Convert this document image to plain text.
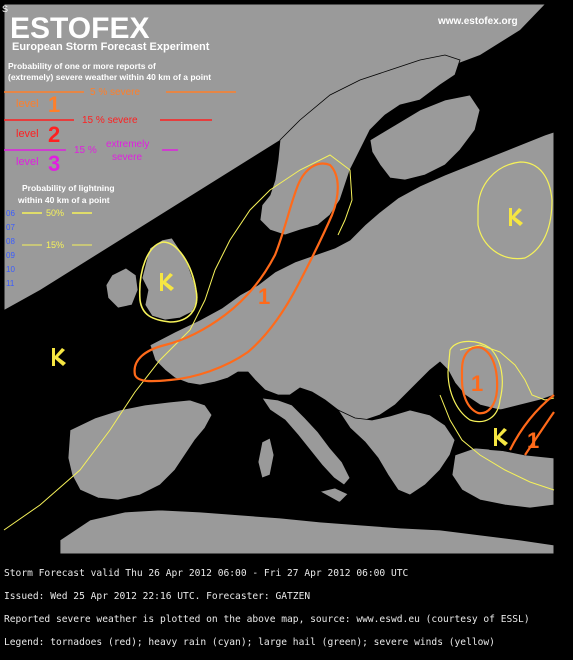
1
1
1
S
ESTOFEX
European Storm Forecast Experiment
www.estofex.org
Probability of one or more reports of
(extremely) severe weather within 40 km of a point
level 1	5 % severe
level 2
15 % severe
level 3
15 %
extremely
severe
Probability of lightning
within 40 km of a point
06
07
08
09
10
11
50%
15%

Storm Forecast valid Thu 26 Apr 2012 06:00 - Fri 27 Apr 2012 06:00 UTC

Issued: Wed 25 Apr 2012 22:16 UTC. Forecaster: GATZEN

Reported severe weather is plotted on the above map, source: www.eswd.eu (courtesy of ESSL)

Legend: tornadoes (red); heavy rain (cyan); large hail (green); severe winds (yellow)
